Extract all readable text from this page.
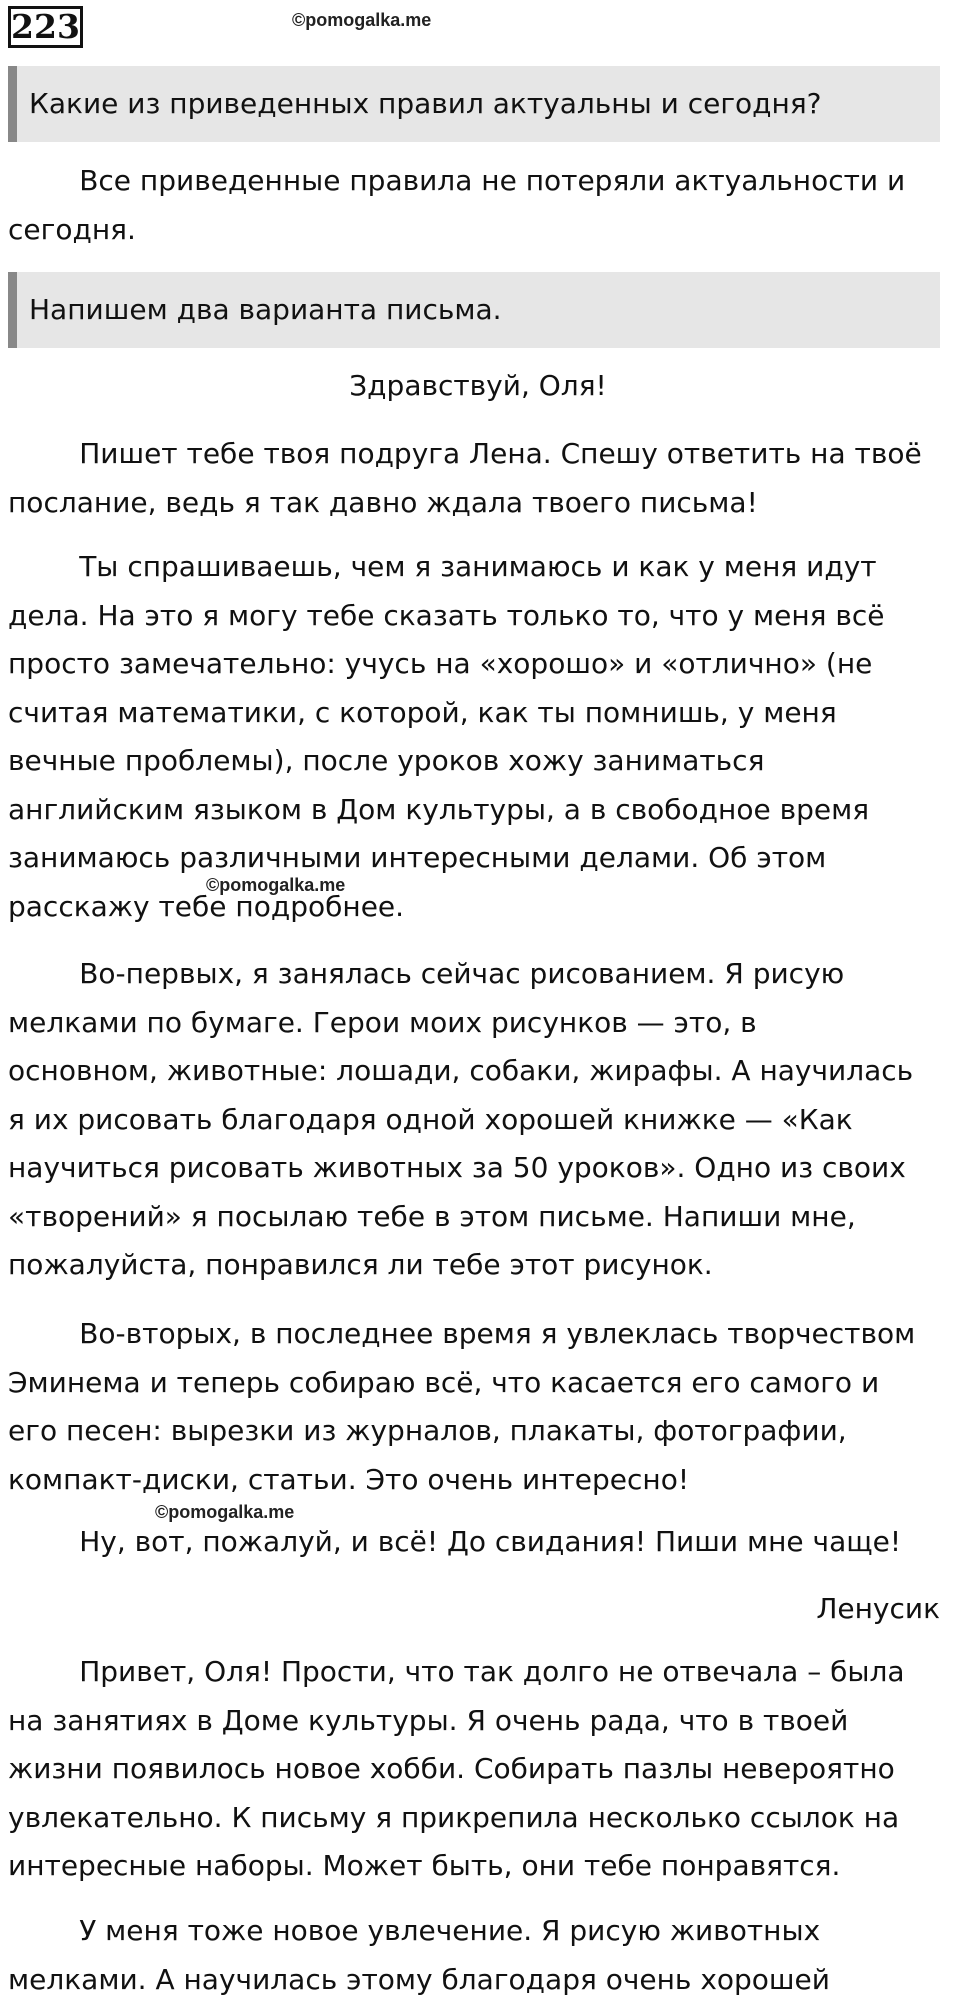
223	©pomogalka.me
Какие из приведенных правил актуальны и сегодня?

Все приведенные правила не потеряли актуальности и
сегодня.

Напишем два варианта письма.

Здравствуй, Оля!

Пишет тебе твоя подруга Лена. Спешу ответить на твоё
послание, ведь я так давно ждала твоего письма!

Ты спрашиваешь, чем я занимаюсь и как у меня идут
дела. На это я могу тебе сказать только то, что у меня всё
просто замечательно: учусь на «хорошо» и «отлично» (не
считая математики, с которой, как ты помнишь, у меня
вечные проблемы), после уроков хожу заниматься
английским языком в Дом культуры, а в свободное время
занимаюсь различными интересными делами. Об этом
расскажу тебе подробнее.

©pomogalka.me

Во-первых, я занялась сейчас рисованием. Я рисую
мелками по бумаге. Герои моих рисунков — это, в
основном, животные: лошади, собаки, жирафы. А научилась
я их рисовать благодаря одной хорошей книжке — «Как
научиться рисовать животных за 50 уроков». Одно из своих
«творений» я посылаю тебе в этом письме. Напиши мне,
пожалуйста, понравился ли тебе этот рисунок.

Во-вторых, в последнее время я увлеклась творчеством
Эминема и теперь собираю всё, что касается его самого и
его песен: вырезки из журналов, плакаты, фотографии,
компакт-диски, статьи. Это очень интересно!

©pomogalka.me

Ну, вот, пожалуй, и всё! До свидания! Пиши мне чаще!

Ленусик

Привет, Оля! Прости, что так долго не отвечала – была
на занятиях в Доме культуры. Я очень рада, что в твоей
жизни появилось новое хобби. Собирать пазлы невероятно
увлекательно. К письму я прикрепила несколько ссылок на
интересные наборы. Может быть, они тебе понравятся.

У меня тоже новое увлечение. Я рисую животных
мелками. А научилась этому благодаря очень хорошей
